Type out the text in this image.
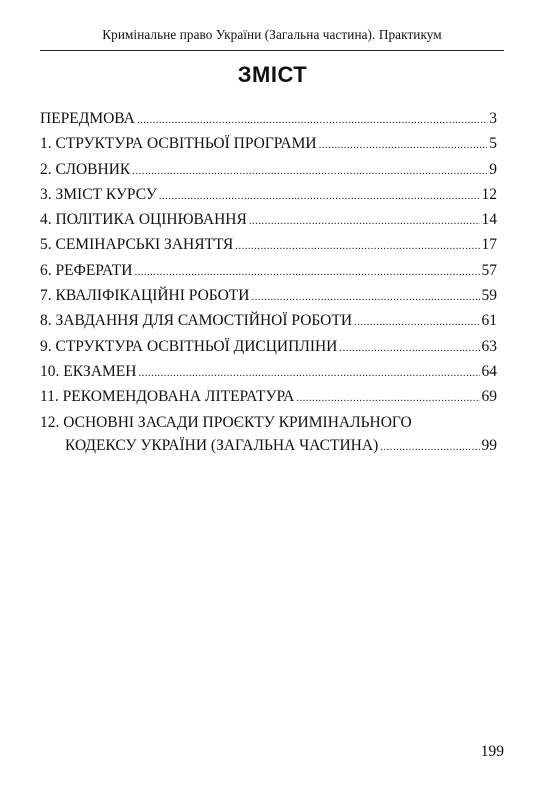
Кримінальне право України (Загальна частина). Практикум
ЗМІСТ
ПЕРЕДМОВА .....	3
1. СТРУКТУРА ОСВІТНЬОЇ ПРОГРАМИ .....	5
2. СЛОВНИК .....	9
3. ЗМІСТ КУРСУ .....	12
4. ПОЛІТИКА ОЦІНЮВАННЯ .....	14
5. СЕМІНАРСЬКІ ЗАНЯТТЯ .....	17
6. РЕФЕРАТИ .....	57
7. КВАЛІФІКАЦІЙНІ РОБОТИ .....	59
8. ЗАВДАННЯ ДЛЯ САМОСТІЙНОЇ РОБОТИ .....	61
9. СТРУКТУРА ОСВІТНЬОЇ ДИСЦИПЛІНИ .....	63
10. ЕКЗАМЕН .....	64
11. РЕКОМЕНДОВАНА ЛІТЕРАТУРА .....	69
12. ОСНОВНІ ЗАСАДИ ПРОЄКТУ КРИМІНАЛЬНОГО
КОДЕКСУ УКРАЇНИ (ЗАГАЛЬНА ЧАСТИНА) .....	99
199
